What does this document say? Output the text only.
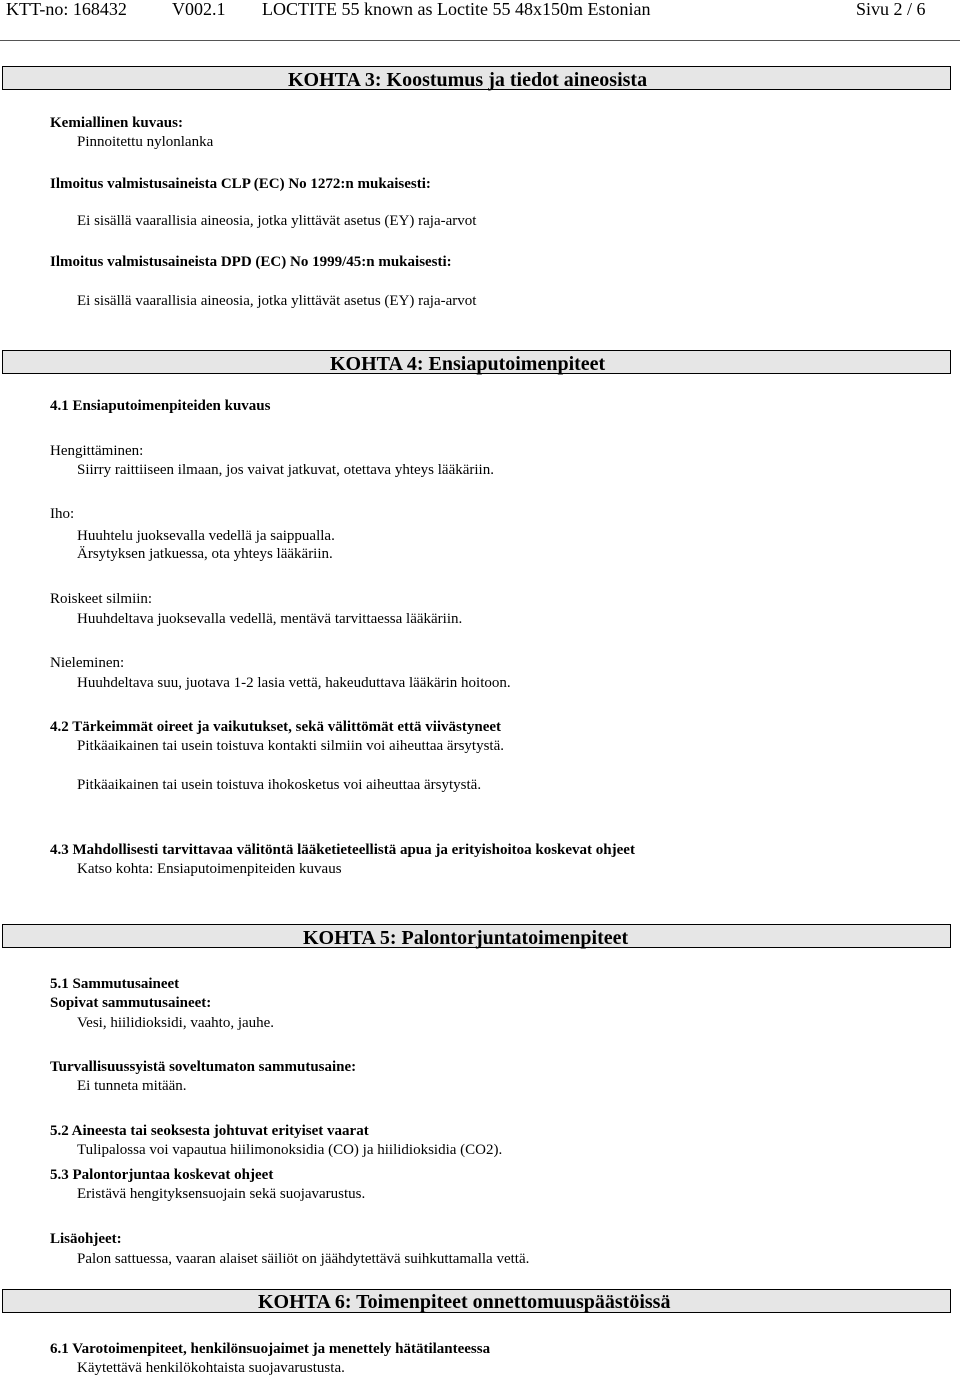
KTT-no: 168432	V002.1 LOCTITE 55 known as Loctite 55 48x150m Estonian	Sivu 2 / 6
KOHTA 3: Koostumus ja tiedot aineosista
Kemiallinen kuvaus:
Pinnoitettu nylonlanka
Ilmoitus valmistusaineista CLP (EC) No 1272:n mukaisesti:
Ei sisällä vaarallisia aineosia, jotka ylittävät asetus (EY) raja-arvot
Ilmoitus valmistusaineista DPD (EC) No 1999/45:n mukaisesti:
Ei sisällä vaarallisia aineosia, jotka ylittävät asetus (EY) raja-arvot
KOHTA 4: Ensiaputoimenpiteet
4.1 Ensiaputoimenpiteiden kuvaus
Hengittäminen:
Siirry raittiiseen ilmaan, jos vaivat jatkuvat, otettava yhteys lääkäriin.
Iho:
Huuhtelu juoksevalla vedellä ja saippualla.
Ärsytyksen jatkuessa, ota yhteys lääkäriin.
Roiskeet silmiin:
Huuhdeltava juoksevalla vedellä, mentävä tarvittaessa lääkäriin.
Nieleminen:
Huuhdeltava suu, juotava 1-2 lasia vettä, hakeuduttava lääkärin hoitoon.
4.2 Tärkeimmät oireet ja vaikutukset, sekä välittömät että viivästyneet
Pitkäaikainen tai usein toistuva kontakti silmiin voi aiheuttaa ärsytystä.
Pitkäaikainen tai usein toistuva ihokosketus voi aiheuttaa ärsytystä.
4.3 Mahdollisesti tarvittavaa välitöntä lääketieteellistä apua ja erityishoitoa koskevat ohjeet
Katso kohta: Ensiaputoimenpiteiden kuvaus
KOHTA 5: Palontorjuntatoimenpiteet
5.1 Sammutusaineet
Sopivat sammutusaineet:
Vesi, hiilidioksidi, vaahto, jauhe.
Turvallisuussyistä soveltumaton sammutusaine:
Ei tunneta mitään.
5.2 Aineesta tai seoksesta johtuvat erityiset vaarat
Tulipalossa voi vapautua hiilimonoksidia (CO) ja hiilidioksidia (CO2).
5.3 Palontorjuntaa koskevat ohjeet
Eristävä hengityksensuojain sekä suojavarustus.
Lisäohjeet:
Palon sattuessa, vaaran alaiset säiliöt on jäähdytettävä suihkuttamalla vettä.
KOHTA 6: Toimenpiteet onnettomuuspäästöissä
6.1 Varotoimenpiteet, henkilönsuojaimet ja menettely hätätilanteessa
Käytettävä henkilökohtaista suojavarustusta.
